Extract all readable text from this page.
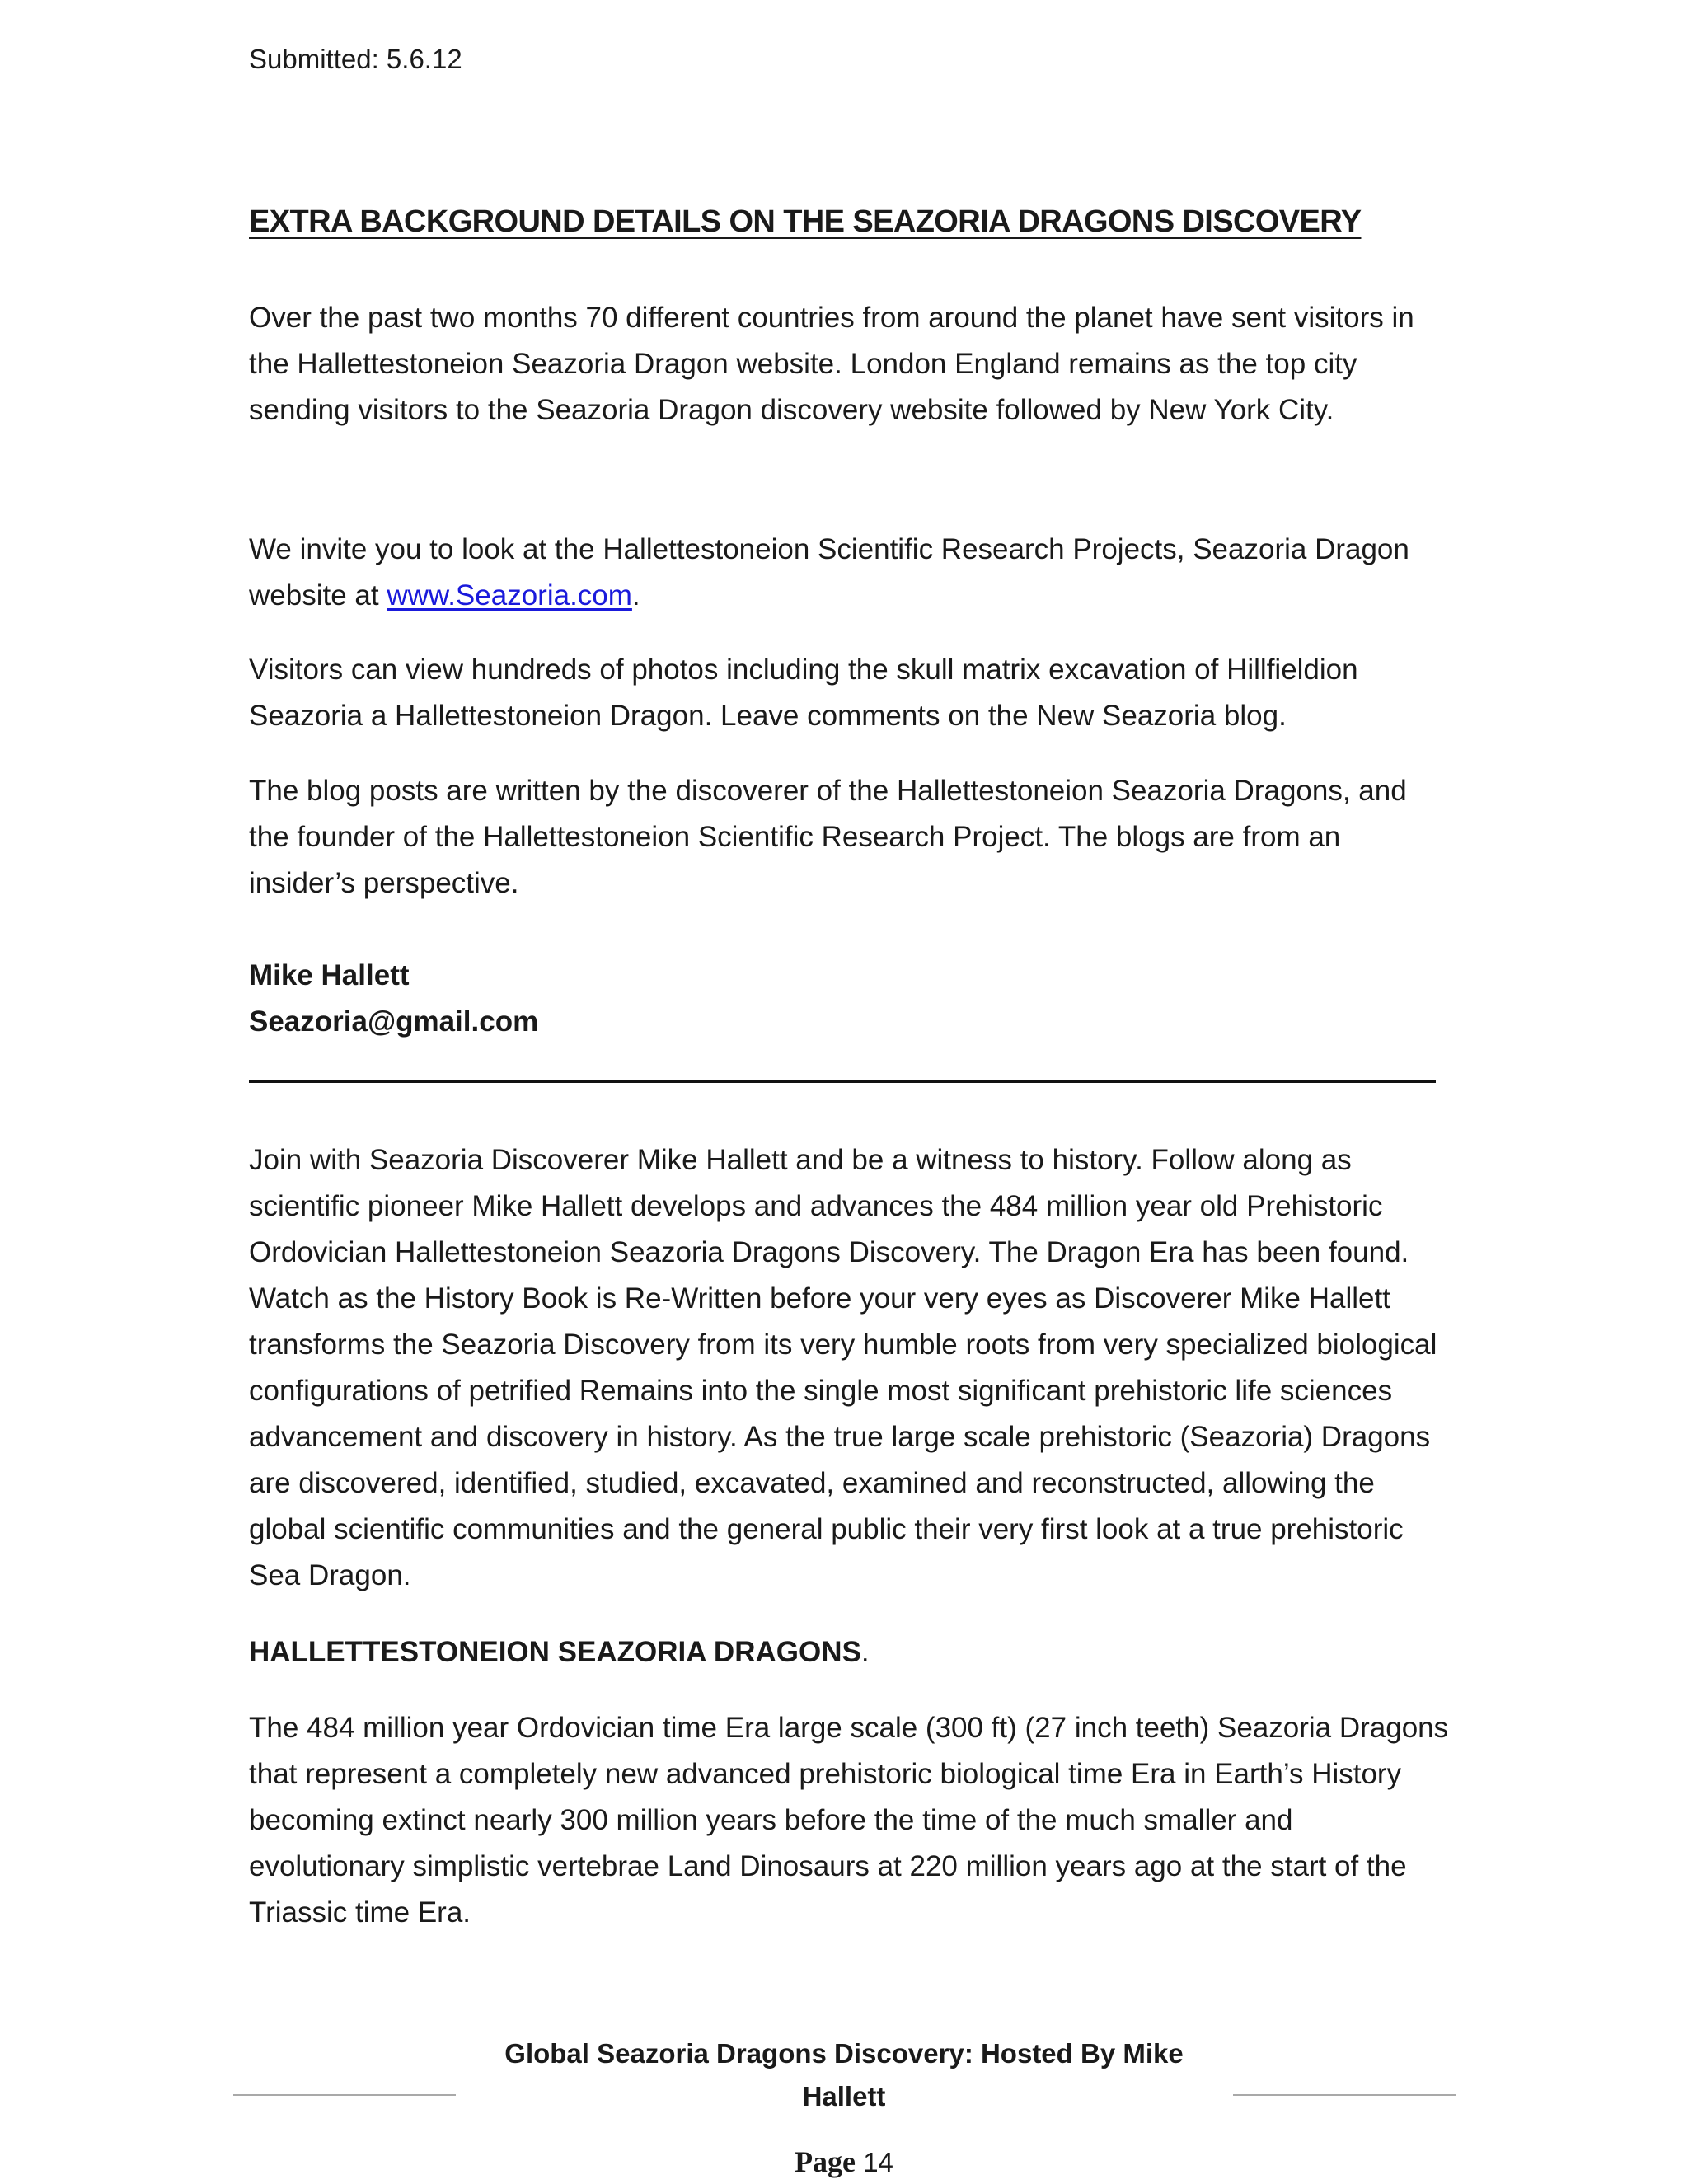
Submitted: 5.6.12

EXTRA BACKGROUND DETAILS ON THE SEAZORIA DRAGONS DISCOVERY

Over the past two months 70 different countries from around the planet have sent visitors in the Hallettestoneion Seazoria Dragon website. London England remains as the top city sending visitors to the Seazoria Dragon discovery website followed by New York City.

We invite you to look at the Hallettestoneion Scientific Research Projects, Seazoria Dragon website at www.Seazoria.com.

Visitors can view hundreds of photos including the skull matrix excavation of Hillfieldion Seazoria a Hallettestoneion Dragon. Leave comments on the New Seazoria blog.

The blog posts are written by the discoverer of the Hallettestoneion Seazoria Dragons, and the founder of the Hallettestoneion Scientific Research Project. The blogs are from an insider’s perspective.

Mike Hallett
Seazoria@gmail.com

Join with Seazoria Discoverer Mike Hallett and be a witness to history. Follow along as scientific pioneer Mike Hallett develops and advances the 484 million year old Prehistoric Ordovician Hallettestoneion Seazoria Dragons Discovery. The Dragon Era has been found. Watch as the History Book is Re-Written before your very eyes as Discoverer Mike Hallett transforms the Seazoria Discovery from its very humble roots from very specialized biological configurations of petrified Remains into the single most significant prehistoric life sciences advancement and discovery in history. As the true large scale prehistoric (Seazoria) Dragons are discovered, identified, studied, excavated, examined and reconstructed, allowing the global scientific communities and the general public their very first look at a true prehistoric Sea Dragon.

HALLETTESTONEION SEAZORIA DRAGONS.

The 484 million year Ordovician time Era large scale (300 ft) (27 inch teeth) Seazoria Dragons that represent a completely new advanced prehistoric biological time Era in Earth’s History becoming extinct nearly 300 million years before the time of the much smaller and evolutionary simplistic vertebrae Land Dinosaurs at 220 million years ago at the start of the Triassic time Era.

Global Seazoria Dragons Discovery: Hosted By Mike Hallett

Page 14
